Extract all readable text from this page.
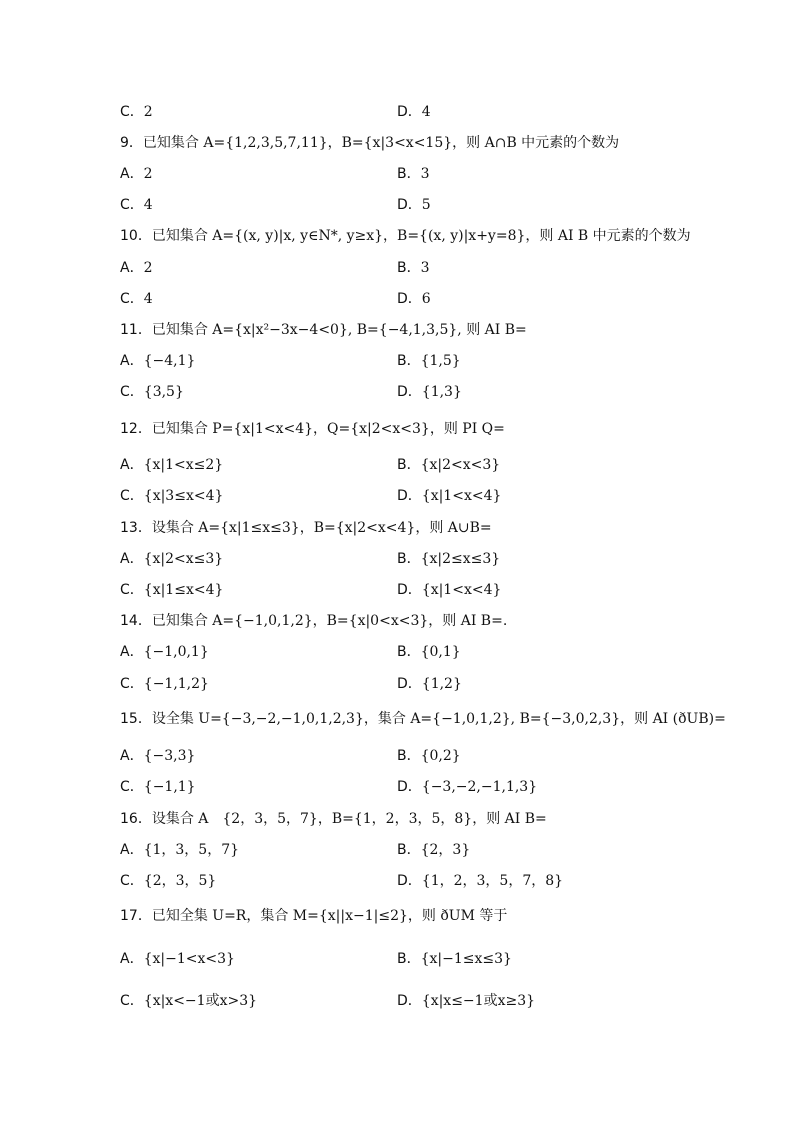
C．2	D．4
9．已知集合 A={1,2,3,5,7,11}，B={x|3<x<15}，则 A∩B 中元素的个数为
A．2	B．3
C．4	D．5
10．已知集合 A={(x, y)|x, y∈N*, y≥x}，B={(x, y)|x+y=8}，则 AI B 中元素的个数为
A．2	B．3
C．4	D．6
11．已知集合 A={x|x²−3x−4<0}, B={−4,1,3,5}, 则 AI B=
A．{−4,1}	B．{1,5}
C．{3,5}	D．{1,3}
12．已知集合 P={x|1<x<4}，Q={x|2<x<3}，则 PI Q=
A．{x|1<x≤2}	B．{x|2<x<3}
C．{x|3≤x<4}	D．{x|1<x<4}
13．设集合 A={x|1≤x≤3}，B={x|2<x<4}，则 A∪B=
A．{x|2<x≤3}	B．{x|2≤x≤3}
C．{x|1≤x<4}	D．{x|1<x<4}
14．已知集合 A={−1,0,1,2}，B={x|0<x<3}，则 AI B=.
A．{−1,0,1}	B．{0,1}
C．{−1,1,2}	D．{1,2}
15．设全集 U={−3,−2,−1,0,1,2,3}，集合 A={−1,0,1,2}, B={−3,0,2,3}，则 AI (ðUB)=
A．{−3,3}	B．{0,2}
C．{−1,1}	D．{−3,−2,−1,1,3}
16．设集合 A　{2，3，5，7}，B={1，2，3，5，8}，则 AI B=
A．{1，3，5，7}	B．{2，3}
C．{2，3，5}	D．{1，2，3，5，7，8}
17．已知全集 U=R，集合 M={x||x−1|≤2}，则 ðUM 等于
A．{x|−1<x<3}	B．{x|−1≤x≤3}
C．{x|x<−1或x>3}	D．{x|x≤−1或x≥3}
